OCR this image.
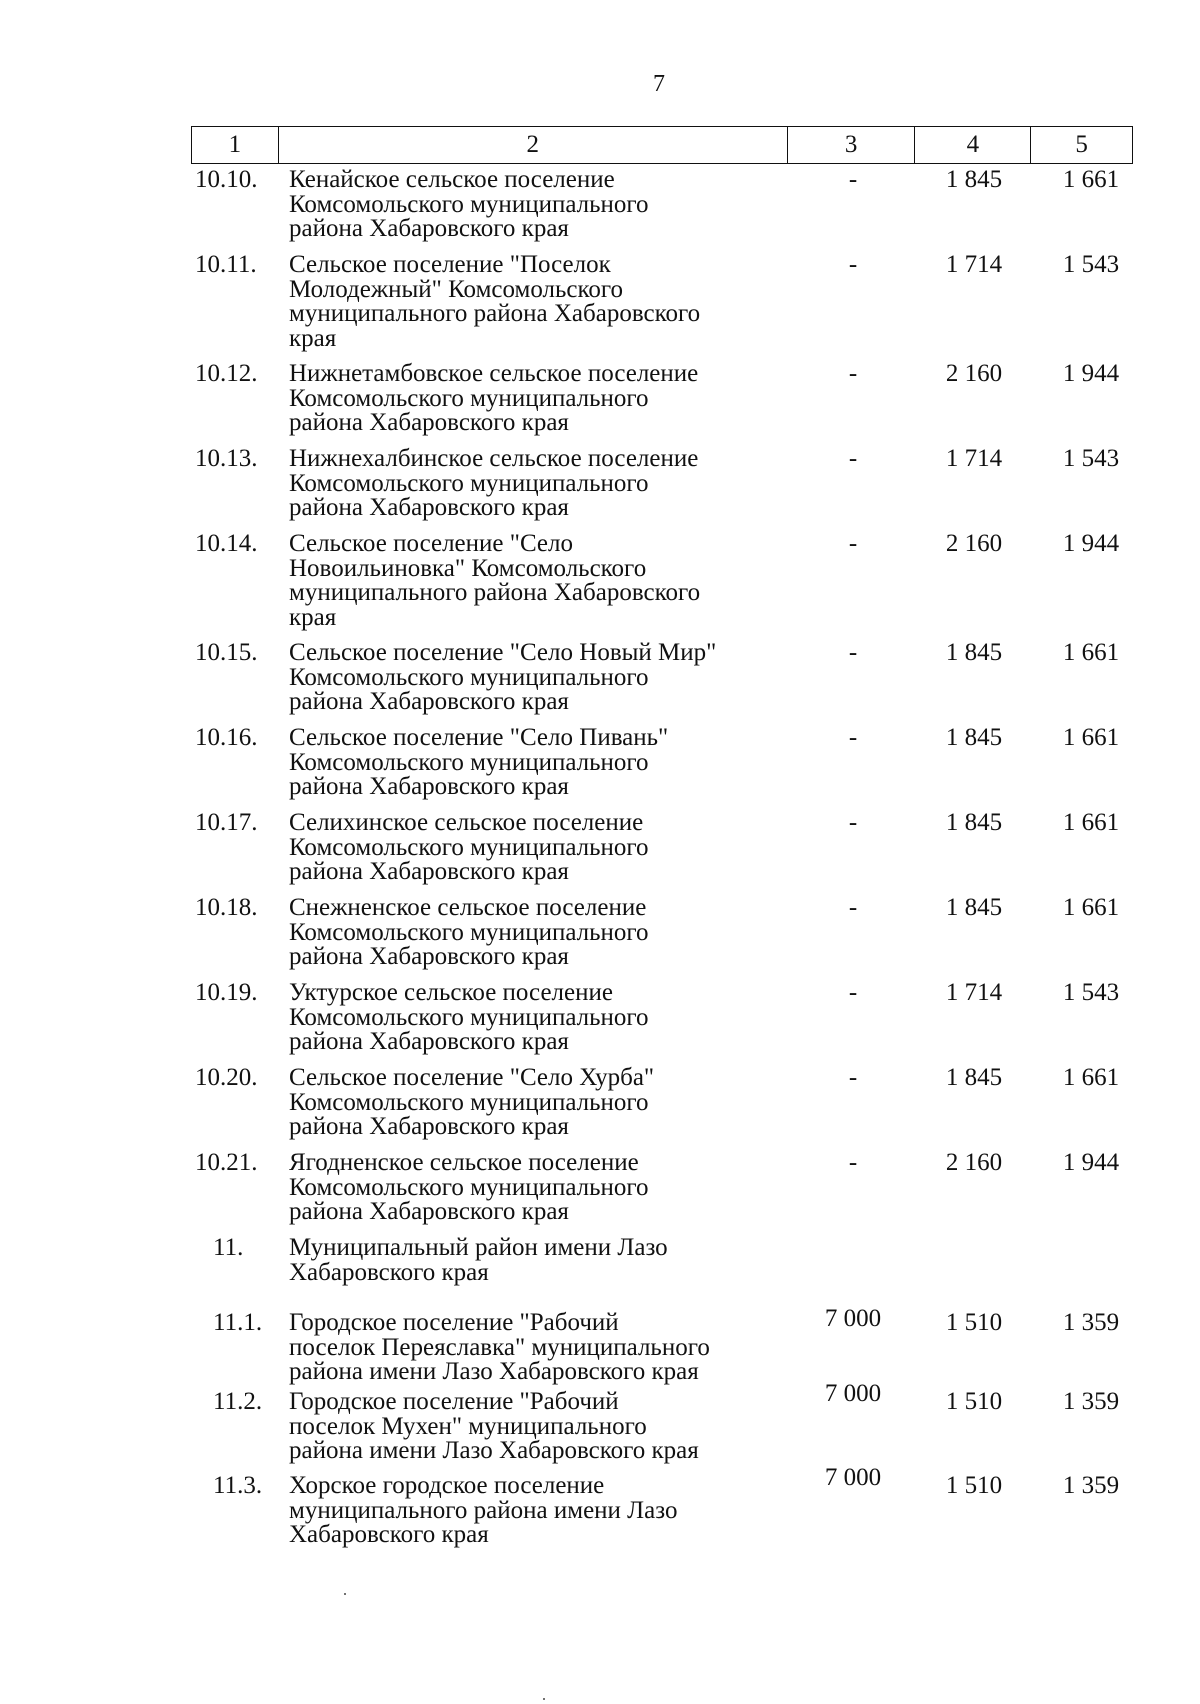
7
1	2	3	4	5
10.10. Кенайское сельское поселение
Комсомольского муниципального
района Хабаровского края
-	1 845	1 661
10.11. Сельское поселение "Поселок
Молодежный" Комсомольского
муниципального района Хабаровского
края
-	1 714	1 543
10.12. Нижнетамбовское сельское поселение
Комсомольского муниципального
района Хабаровского края
-	2 160	1 944
10.13. Нижнехалбинское сельское поселение
Комсомольского муниципального
района Хабаровского края
-	1 714	1 543
10.14. Сельское поселение "Село
Новоильиновка" Комсомольского
муниципального района Хабаровского
края
-	2 160	1 944
10.15. Сельское поселение "Село Новый Мир"
Комсомольского муниципального
района Хабаровского края
-	1 845	1 661
10.16. Сельское поселение "Село Пивань"
Комсомольского муниципального
района Хабаровского края
-	1 845	1 661
10.17. Селихинское сельское поселение
Комсомольского муниципального
района Хабаровского края
-	1 845	1 661
10.18. Снежненское сельское поселение
Комсомольского муниципального
района Хабаровского края
-	1 845	1 661
10.19. Уктурское сельское поселение
Комсомольского муниципального
района Хабаровского края
-	1 714	1 543
10.20. Сельское поселение "Село Хурба"
Комсомольского муниципального
района Хабаровского края
-	1 845	1 661
10.21. Ягодненское сельское поселение
Комсомольского муниципального
района Хабаровского края
-	2 160	1 944
11. Муниципальный район имени Лазо
Хабаровского края
11.1. Городское поселение "Рабочий
поселок Переяславка" муниципального
района имени Лазо Хабаровского края
7 000	1 510	1 359
11.2. Городское поселение "Рабочий
поселок Мухен" муниципального
района имени Лазо Хабаровского края
7 000	1 510	1 359
11.3. Хорское городское поселение
муниципального района имени Лазо
Хабаровского края
7 000	1 510	1 359
